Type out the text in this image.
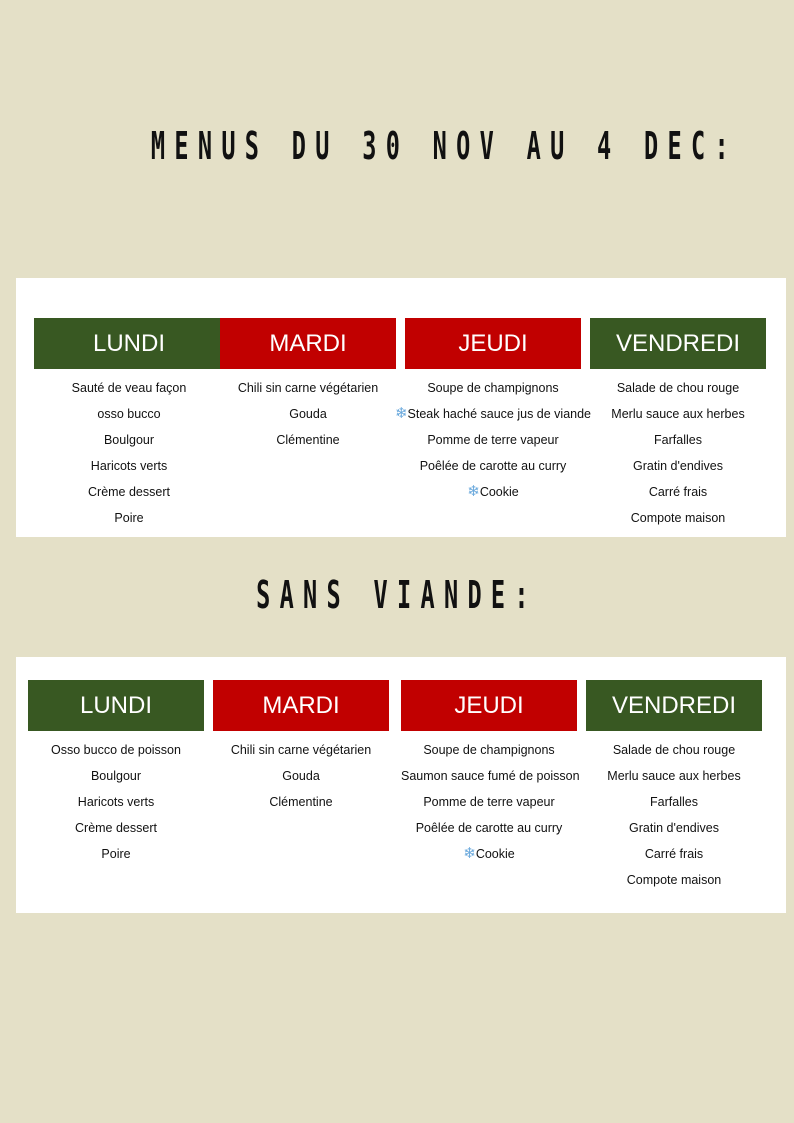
MENUS DU 30 NOV AU 4 DEC:
LUNDI
Sauté de veau façon
osso bucco
Boulgour
Haricots verts
Crème dessert
Poire
MARDI
Chili sin carne végétarien
Gouda
Clémentine
JEUDI
Soupe de champignons
❄Steak haché sauce jus de viande
Pomme de terre vapeur
Poêlée de carotte au curry
❄Cookie
VENDREDI
Salade de chou rouge
Merlu sauce aux herbes
Farfalles
Gratin d'endives
Carré frais
Compote maison
SANS VIANDE:
LUNDI
Osso bucco de poisson
Boulgour
Haricots verts
Crème dessert
Poire
MARDI
Chili sin carne végétarien
Gouda
Clémentine
JEUDI
Soupe de champignons
Saumon sauce fumé de poisson
Pomme de terre vapeur
Poêlée de carotte au curry
❄Cookie
VENDREDI
Salade de chou rouge
Merlu sauce aux herbes
Farfalles
Gratin d'endives
Carré frais
Compote maison
